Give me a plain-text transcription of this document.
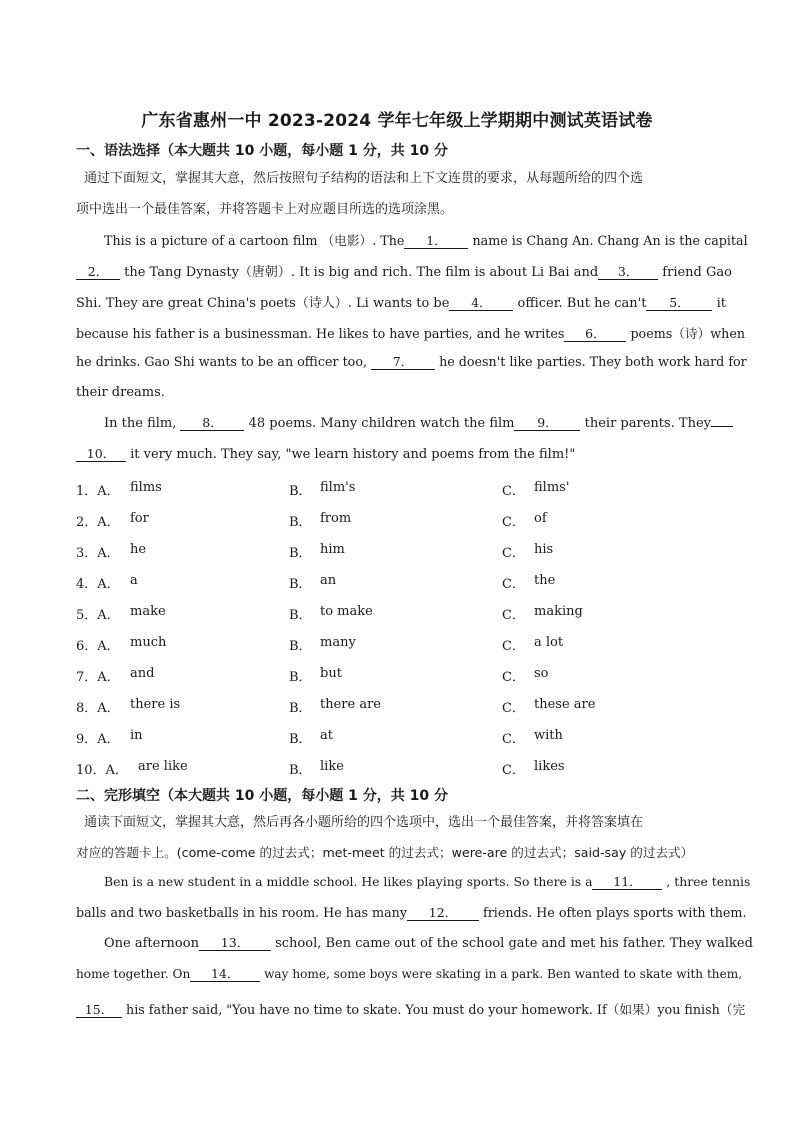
广东省惠州一中 2023-2024 学年七年级上学期期中测试英语试卷
一、语法选择（本大题共 10 小题，每小题 1 分，共 10 分
通过下面短文，掌握其大意，然后按照句子结构的语法和上下文连贯的要求，从每题所给的四个选
项中选出一个最佳答案，并将答题卡上对应题目所选的选项涂黑。
This is a picture of a cartoon film （电影）. The 1． name is Chang An. Chang An is the capital
2． the Tang Dynasty（唐朝）. It is big and rich. The film is about Li Bai and 3． friend Gao
Shi. They are great China's poets（诗人）. Li wants to be 4． officer. But he can't 5． it
because his father is a businessman. He likes to have parties, and he writes 6． poems（诗）when
he drinks. Gao Shi wants to be an officer too, 7． he doesn't like parties. They both work hard for
their dreams.
In the film, 8． 48 poems. Many children watch the film 9． their parents. They
10． it very much. They say, "we learn history and poems from the film!"
1．A． films	B． film's	C． films'
2．A． for	B． from	C． of
3．A． he	B． him	C． his
4．A． a	B． an	C． the
5．A． make	B． to make	C． making
6．A． much	B． many	C． a lot
7．A． and	B． but	C． so
8．A． there is	B． there are	C． these are
9．A． in	B． at	C． with
10．A． are like	B． like	C． likes
二、完形填空（本大题共 10 小题，每小题 1 分，共 10 分
通读下面短文，掌握其大意，然后再各小题所给的四个选项中，选出一个最佳答案，并将答案填在
对应的答题卡上。(come-come 的过去式；met-meet 的过去式；were-are 的过去式；said-say 的过去式）
Ben is a new student in a middle school. He likes playing sports. So there is a 11． , three tennis
balls and two basketballs in his room. He has many 12． friends. He often plays sports with them.
One afternoon 13． school, Ben came out of the school gate and met his father. They walked
home together. On 14． way home, some boys were skating in a park. Ben wanted to skate with them,
15． his father said, "You have no time to skate. You must do your homework. If（如果）you finish（完
